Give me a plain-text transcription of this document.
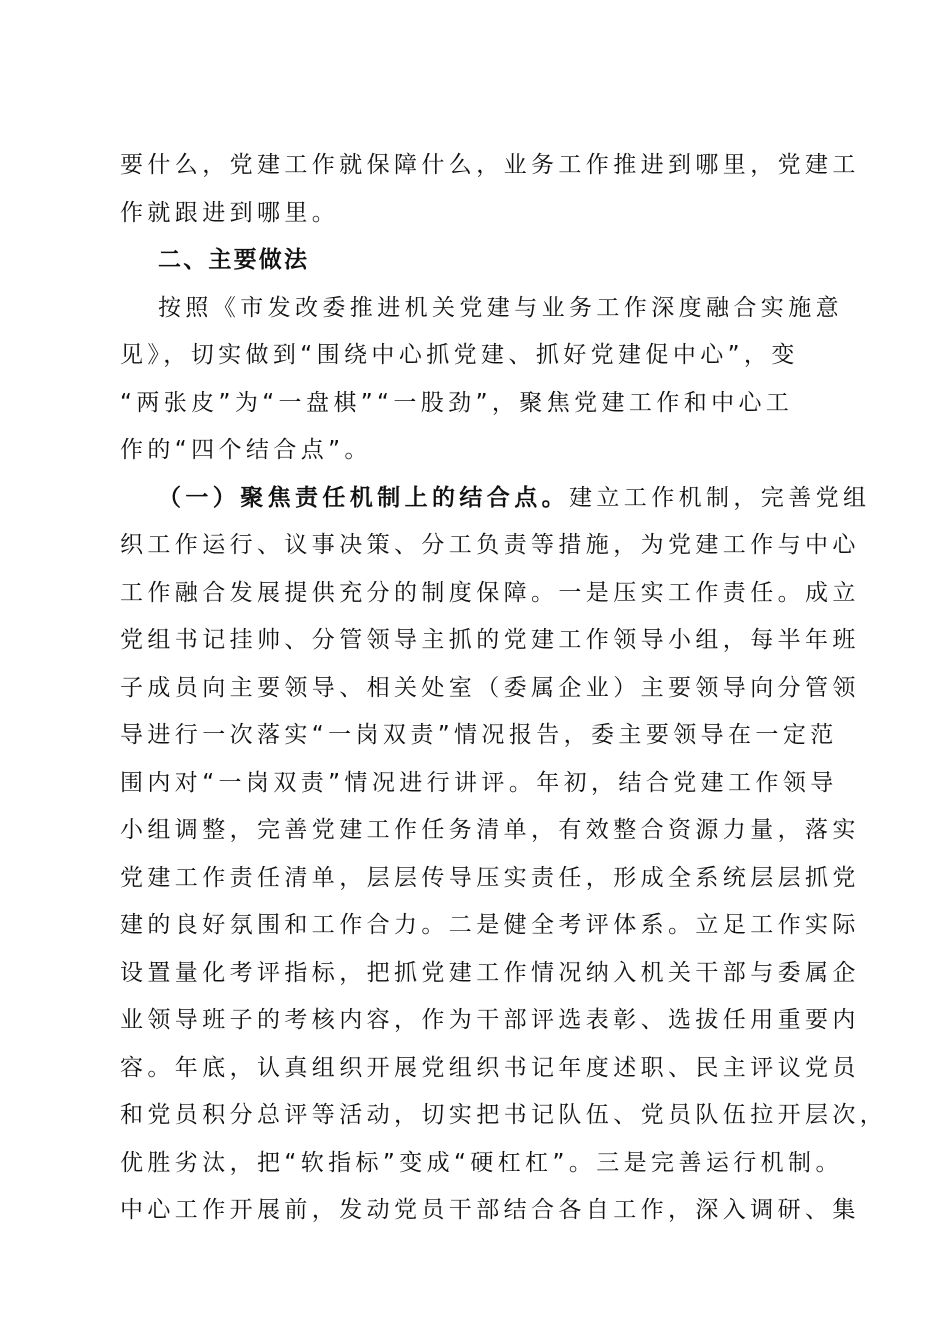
要什么，党建工作就保障什么，业务工作推进到哪里，党建工
作就跟进到哪里。
二、主要做法
按照《市发改委推进机关党建与业务工作深度融合实施意
见》，切实做到“围绕中心抓党建、抓好党建促中心”，变
“两张皮”为“一盘棋”“一股劲”，聚焦党建工作和中心工
作的“四个结合点”。
（一）聚焦责任机制上的结合点。建立工作机制，完善党组
织工作运行、议事决策、分工负责等措施，为党建工作与中心
工作融合发展提供充分的制度保障。一是压实工作责任。成立
党组书记挂帅、分管领导主抓的党建工作领导小组，每半年班
子成员向主要领导、相关处室（委属企业）主要领导向分管领
导进行一次落实“一岗双责”情况报告，委主要领导在一定范
围内对“一岗双责”情况进行讲评。年初，结合党建工作领导
小组调整，完善党建工作任务清单，有效整合资源力量，落实
党建工作责任清单，层层传导压实责任，形成全系统层层抓党
建的良好氛围和工作合力。二是健全考评体系。立足工作实际
设置量化考评指标，把抓党建工作情况纳入机关干部与委属企
业领导班子的考核内容，作为干部评选表彰、选拔任用重要内
容。年底，认真组织开展党组织书记年度述职、民主评议党员
和党员积分总评等活动，切实把书记队伍、党员队伍拉开层次，
优胜劣汰，把“软指标”变成“硬杠杠”。三是完善运行机制。
中心工作开展前，发动党员干部结合各自工作，深入调研、集
